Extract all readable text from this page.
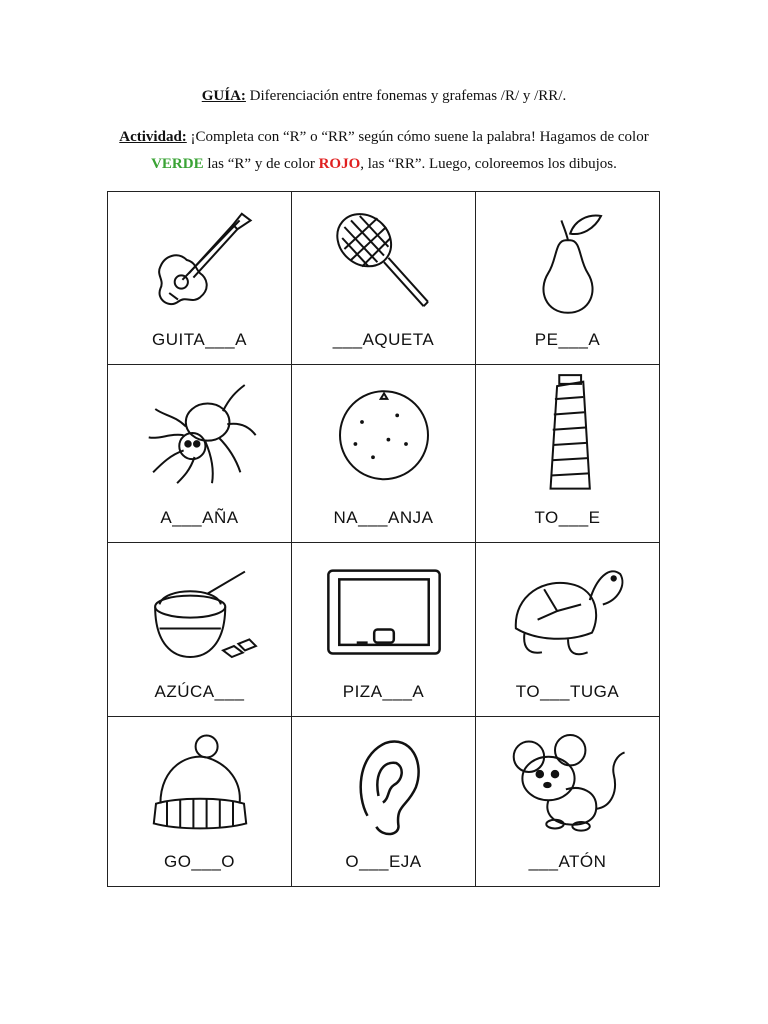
GUÍA: Diferenciación entre fonemas y grafemas /R/ y /RR/.
Actividad: ¡Completa con “R” o “RR” según cómo suene la palabra! Hagamos de color VERDE las “R” y de color ROJO, las “RR”. Luego, coloreemos los dibujos.
GUITA___A	___AQUETA	PE___A

A___AÑA	NA___ANJA	TO___E

AZÚCA___	PIZA___A	TO___TUGA

GO___O	O___EJA	___ATÓN
